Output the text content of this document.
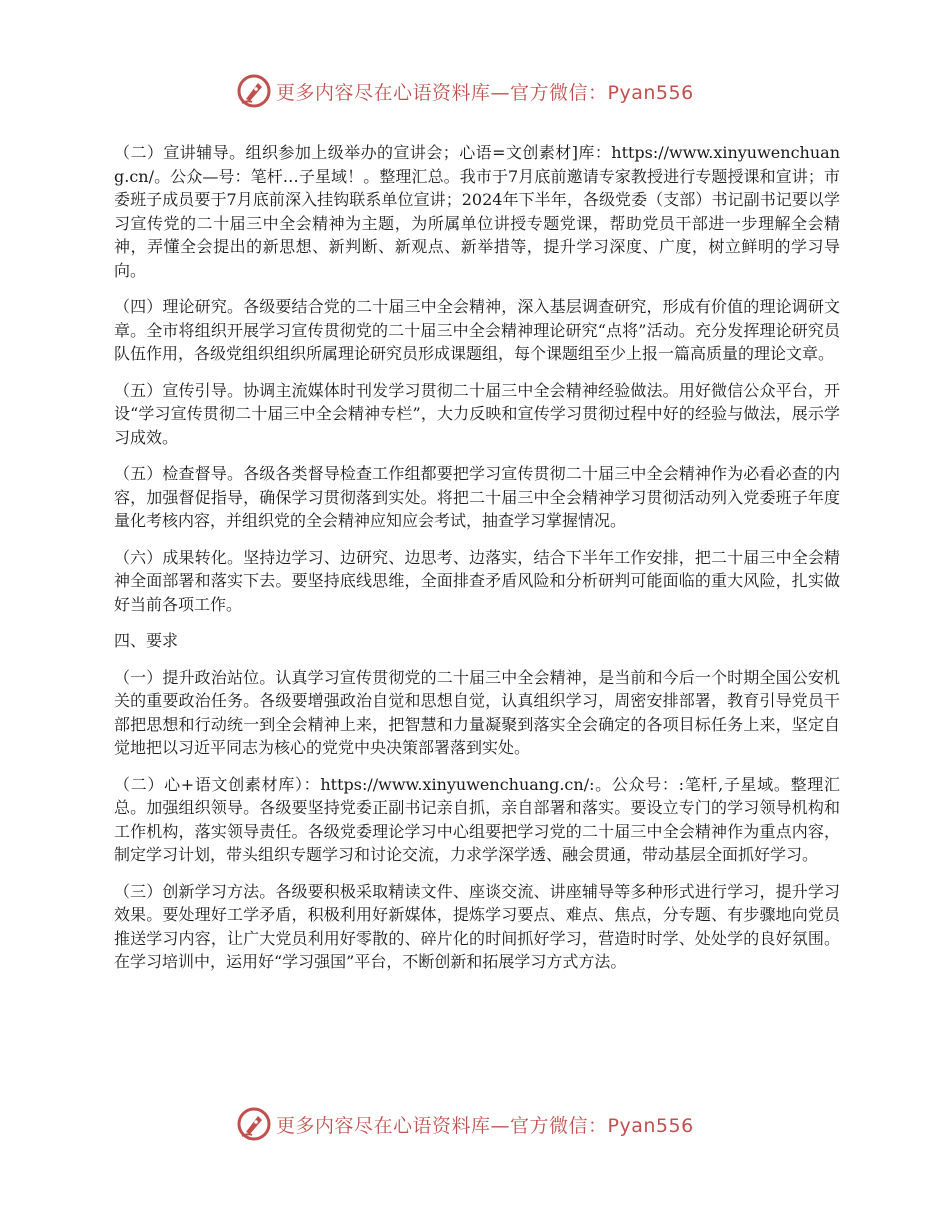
更多内容尽在心语资料库—官方微信：Pyan556

（二）宣讲辅导。组织参加上级举办的宣讲会；心语=文创素材]库：https://www.xinyuwenchuang.cn/。公众—号：笔杆…子星域！。整理汇总。我市于7月底前邀请专家教授进行专题授课和宣讲；市委班子成员要于7月底前深入挂钩联系单位宣讲；2024年下半年，各级党委（支部）书记副书记要以学习宣传党的二十届三中全会精神为主题，为所属单位讲授专题党课，帮助党员干部进一步理解全会精神，弄懂全会提出的新思想、新判断、新观点、新举措等，提升学习深度、广度，树立鲜明的学习导向。

（四）理论研究。各级要结合党的二十届三中全会精神，深入基层调查研究，形成有价值的理论调研文章。全市将组织开展学习宣传贯彻党的二十届三中全会精神理论研究“点将”活动。充分发挥理论研究员队伍作用，各级党组织组织所属理论研究员形成课题组，每个课题组至少上报一篇高质量的理论文章。

（五）宣传引导。协调主流媒体时刊发学习贯彻二十届三中全会精神经验做法。用好微信公众平台，开设“学习宣传贯彻二十届三中全会精神专栏”，大力反映和宣传学习贯彻过程中好的经验与做法，展示学习成效。

（五）检查督导。各级各类督导检查工作组都要把学习宣传贯彻二十届三中全会精神作为必看必查的内容，加强督促指导，确保学习贯彻落到实处。将把二十届三中全会精神学习贯彻活动列入党委班子年度量化考核内容，并组织党的全会精神应知应会考试，抽查学习掌握情况。

（六）成果转化。坚持边学习、边研究、边思考、边落实，结合下半年工作安排，把二十届三中全会精神全面部署和落实下去。要坚持底线思维，全面排查矛盾风险和分析研判可能面临的重大风险，扎实做好当前各项工作。

四、要求

（一）提升政治站位。认真学习宣传贯彻党的二十届三中全会精神，是当前和今后一个时期全国公安机关的重要政治任务。各级要增强政治自觉和思想自觉，认真组织学习，周密安排部署，教育引导党员干部把思想和行动统一到全会精神上来，把智慧和力量凝聚到落实全会确定的各项目标任务上来，坚定自觉地把以习近平同志为核心的党党中央决策部署落到实处。

（二）心+语文创素材库）：https://www.xinyuwenchuang.cn/:。公众号：:笔杆,子星域。整理汇总。加强组织领导。各级要坚持党委正副书记亲自抓，亲自部署和落实。要设立专门的学习领导机构和工作机构，落实领导责任。各级党委理论学习中心组要把学习党的二十届三中全会精神作为重点内容，制定学习计划，带头组织专题学习和讨论交流，力求学深学透、融会贯通，带动基层全面抓好学习。

（三）创新学习方法。各级要积极采取精读文件、座谈交流、讲座辅导等多种形式进行学习，提升学习效果。要处理好工学矛盾，积极利用好新媒体，提炼学习要点、难点、焦点，分专题、有步骤地向党员推送学习内容，让广大党员利用好零散的、碎片化的时间抓好学习，营造时时学、处处学的良好氛围。在学习培训中，运用好“学习强国”平台，不断创新和拓展学习方式方法。

更多内容尽在心语资料库—官方微信：Pyan556
